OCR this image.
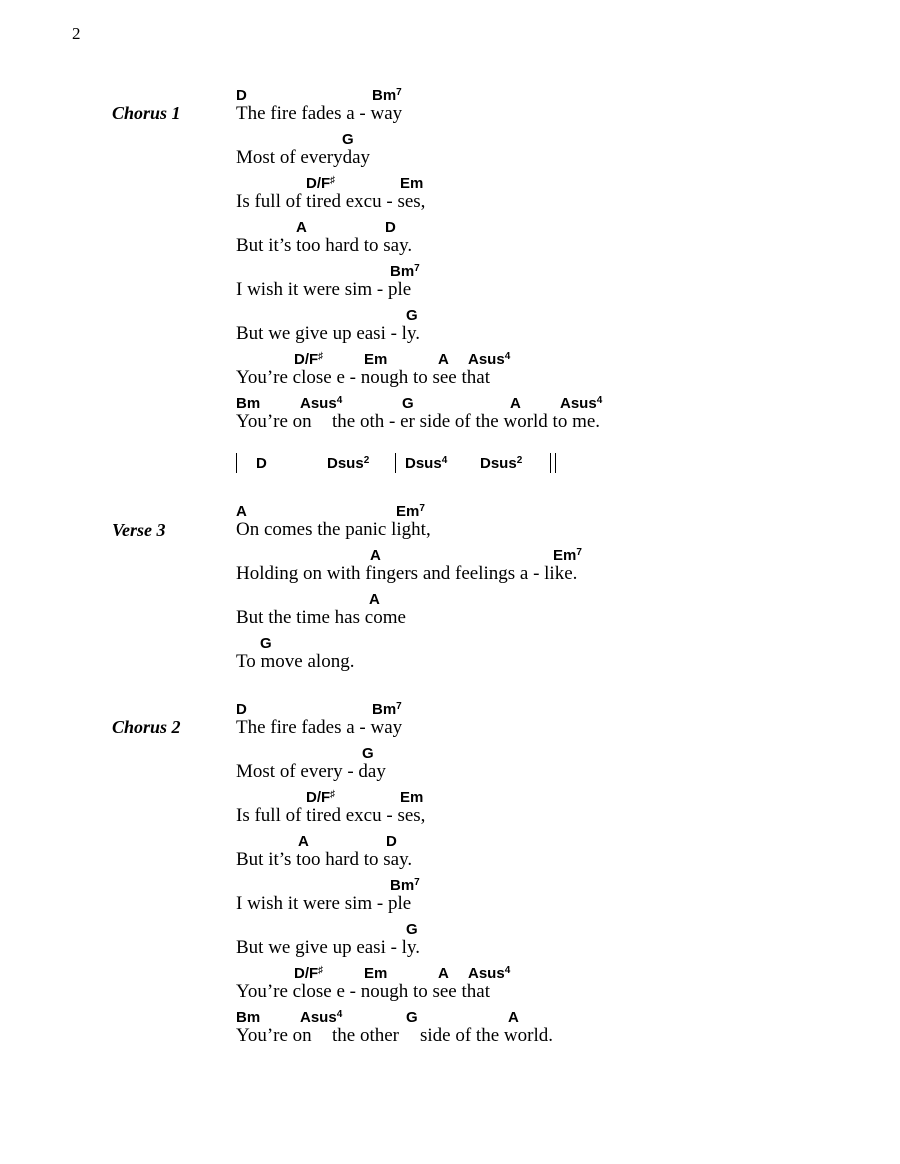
2
Chorus 1
D	Bm$^7$
The fire fades a - way
G
Most of everyday
D/F♯	Em
Is full of tired excu - ses,
A	D
But it’s too hard to say.
Bm$^7$
I wish it were sim - ple
G
But we give up easi - ly.
D/F♯	Em	A Asus$^4$
You’re close e - nough to see that
Bm	Asus$^4$	G	A	Asus$^4$
You’re on the oth - er side of the world to me.
D	Dsus$^2$ Dsus$^4$ Dsus$^2$
Verse 3
A	Em$^7$
On comes the panic light,
A	Em$^7$
Holding on with fingers and feelings a - like.
A
But the time has come
G
To move along.
Chorus 2
D	Bm$^7$
The fire fades a - way
G
Most of every - day
D/F♯	Em
Is full of tired excu - ses,
A	D
But it’s too hard to say.
Bm$^7$
I wish it were sim - ple
G
But we give up easi - ly.
D/F♯	Em	A Asus$^4$
You’re close e - nough to see that
Bm	Asus$^4$	G	A
You’re on the other side of the world.
